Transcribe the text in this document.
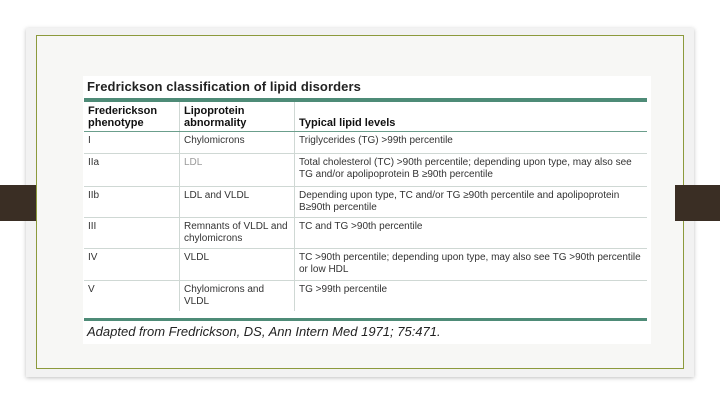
Fredrickson classification of lipid disorders
Frederickson phenotype	Lipoprotein abnormality	Typical lipid levels
I	Chylomicrons	Triglycerides (TG) >99th percentile
IIa	LDL	Total cholesterol (TC) >90th percentile; depending upon type, may also see TG and/or apolipoprotein B ≥90th percentile
IIb	LDL and VLDL	Depending upon type, TC and/or TG ≥90th percentile and apolipoprotein B≥90th percentile
III	Remnants of VLDL and chylomicrons	TC and TG >90th percentile
IV	VLDL	TC >90th percentile; depending upon type, may also see TG >90th percentile or low HDL
V	Chylomicrons and VLDL	TG >99th percentile
Adapted from Fredrickson, DS, Ann Intern Med 1971; 75:471.
